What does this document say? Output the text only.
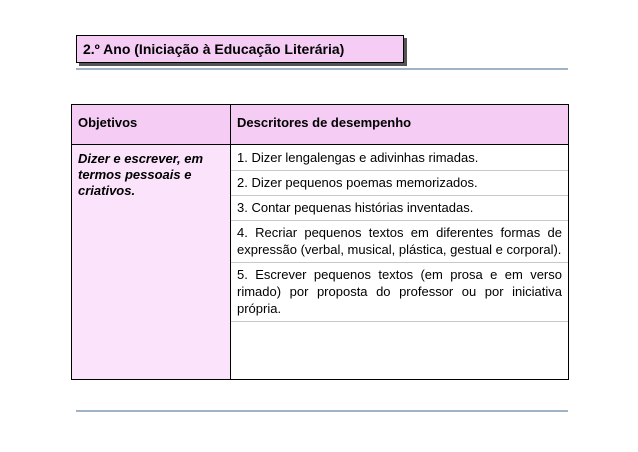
2.º Ano (Iniciação à Educação Literária)
Objetivos	Descritores de desempenho
Dizer e escrever, em termos pessoais e criativos.	1. Dizer lengalengas e adivinhas rimadas.
2. Dizer pequenos poemas memorizados.
3. Contar pequenas histórias inventadas.
4. Recriar pequenos textos em diferentes formas de expressão (verbal, musical, plástica, gestual e corporal).
5. Escrever pequenos textos (em prosa e em verso rimado) por proposta do professor ou por iniciativa própria.
